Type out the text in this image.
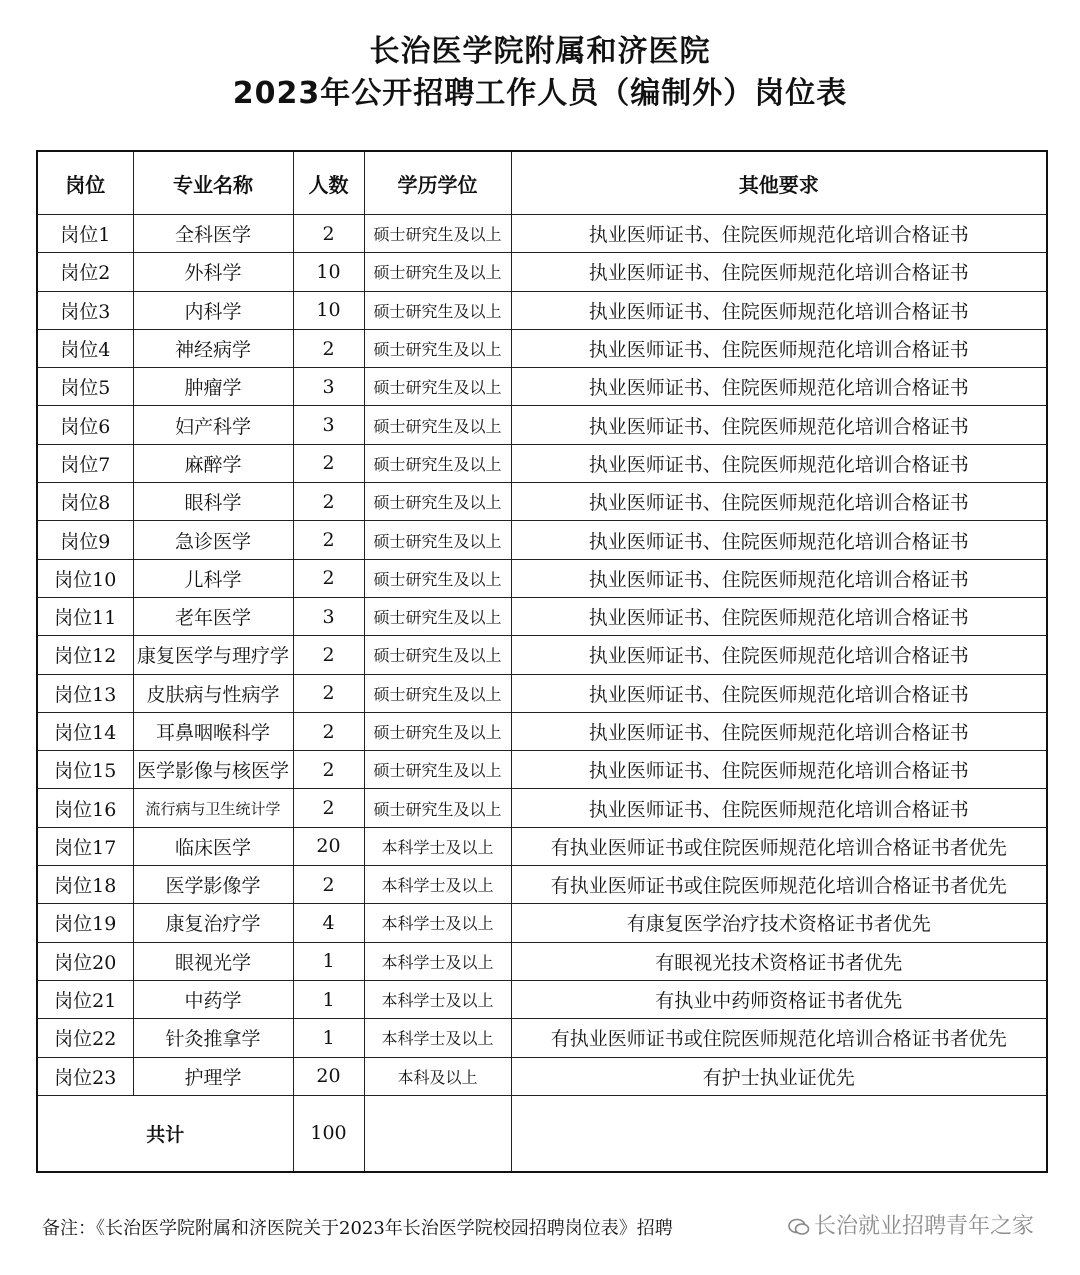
长治医学院附属和济医院
2023年公开招聘工作人员（编制外）岗位表
岗位	专业名称	人数	学历学位	其他要求
岗位1	全科医学	2	硕士研究生及以上	执业医师证书、住院医师规范化培训合格证书
岗位2	外科学	10	硕士研究生及以上	执业医师证书、住院医师规范化培训合格证书
岗位3	内科学	10	硕士研究生及以上	执业医师证书、住院医师规范化培训合格证书
岗位4	神经病学	2	硕士研究生及以上	执业医师证书、住院医师规范化培训合格证书
岗位5	肿瘤学	3	硕士研究生及以上	执业医师证书、住院医师规范化培训合格证书
岗位6	妇产科学	3	硕士研究生及以上	执业医师证书、住院医师规范化培训合格证书
岗位7	麻醉学	2	硕士研究生及以上	执业医师证书、住院医师规范化培训合格证书
岗位8	眼科学	2	硕士研究生及以上	执业医师证书、住院医师规范化培训合格证书
岗位9	急诊医学	2	硕士研究生及以上	执业医师证书、住院医师规范化培训合格证书
岗位10	儿科学	2	硕士研究生及以上	执业医师证书、住院医师规范化培训合格证书
岗位11	老年医学	3	硕士研究生及以上	执业医师证书、住院医师规范化培训合格证书
岗位12	康复医学与理疗学	2	硕士研究生及以上	执业医师证书、住院医师规范化培训合格证书
岗位13	皮肤病与性病学	2	硕士研究生及以上	执业医师证书、住院医师规范化培训合格证书
岗位14	耳鼻咽喉科学	2	硕士研究生及以上	执业医师证书、住院医师规范化培训合格证书
岗位15	医学影像与核医学	2	硕士研究生及以上	执业医师证书、住院医师规范化培训合格证书
岗位16	流行病与卫生统计学	2	硕士研究生及以上	执业医师证书、住院医师规范化培训合格证书
岗位17	临床医学	20	本科学士及以上	有执业医师证书或住院医师规范化培训合格证书者优先
岗位18	医学影像学	2	本科学士及以上	有执业医师证书或住院医师规范化培训合格证书者优先
岗位19	康复治疗学	4	本科学士及以上	有康复医学治疗技术资格证书者优先
岗位20	眼视光学	1	本科学士及以上	有眼视光技术资格证书者优先
岗位21	中药学	1	本科学士及以上	有执业中药师资格证书者优先
岗位22	针灸推拿学	1	本科学士及以上	有执业医师证书或住院医师规范化培训合格证书者优先
岗位23	护理学	20	本科及以上	有护士执业证优先
共计		100		
备注：《长治医学院附属和济医院关于2023年长治医学院校园招聘岗位表》招聘	长治就业招聘青年之家
